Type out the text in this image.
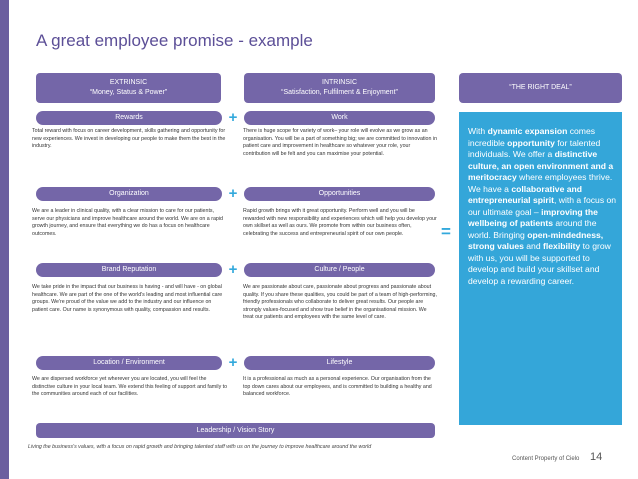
A great employee promise - example
EXTRINSIC
“Money, Status & Power”
INTRINSIC
“Satisfaction, Fulfilment & Enjoyment”
“THE RIGHT DEAL”
Rewards	+	Work
Total reward with focus on career development, skills gathering and opportunity for new experiences. We invest in developing our people to make them the best in the industry.
There is huge scope for variety of work– your role will evolve as we grow as an organisation. You will be a part of something big; we are committed to innovation in patient care and improvement in healthcare so whatever your role, your contribution will be felt and you can maximise your potential.
Organization	+	Opportunities
We are a leader in clinical quality, with a clear mission to care for our patients, serve our physicians and improve healthcare around the world. We are on a rapid growth journey, and ensure that everything we do has a focus on healthcare outcomes.
Rapid growth brings with it great opportunity. Perform well and you will be rewarded with new responsibility and experiences which will help you develop your own skillset as well as ours. We promote from within our business often, celebrating the success and entrepreneurial spirit of our own people.
Brand Reputation	+	Culture / People
We take pride in the impact that our business is having - and will have - on global healthcare. We are part of the one of the world's leading and most influential care groups. We're proud of the value we add to the industry and our influence on patient care. Our name is synonymous with quality, compassion and results.
We are passionate about care, passionate about progress and passionate about quality. If you share these qualities, you could be part of a team of high-performing, friendly professionals who collaborate to deliver great results. Our people are strongly values-focused and show true belief in the organisational mission. We treat our patients and employees with the same level of care.
Location / Environment	+	Lifestyle
We are dispersed workforce yet wherever you are located, you will feel the distinctive culture in your local team. We extend this feeling of support and family to the communities around each of our facilities.
It is a professional as much as a personal experience. Our organisation from the top down cares about our employees, and is committed to building a healthy and balanced workforce.
=
With dynamic expansion comes incredible opportunity for talented individuals. We offer a distinctive culture, an open environment and a meritocracy where employees thrive. We have a collaborative and entrepreneurial spirit, with a focus on our ultimate goal – improving the wellbeing of patients around the world. Bringing open-mindedness, strong values and flexibility to grow with us, you will be supported to develop and build your skillset and develop a rewarding career.
Leadership / Vision Story
Living the business's values, with a focus on rapid growth and bringing talented staff with us on the journey to improve healthcare around the world
Content Property of Cielo 14
